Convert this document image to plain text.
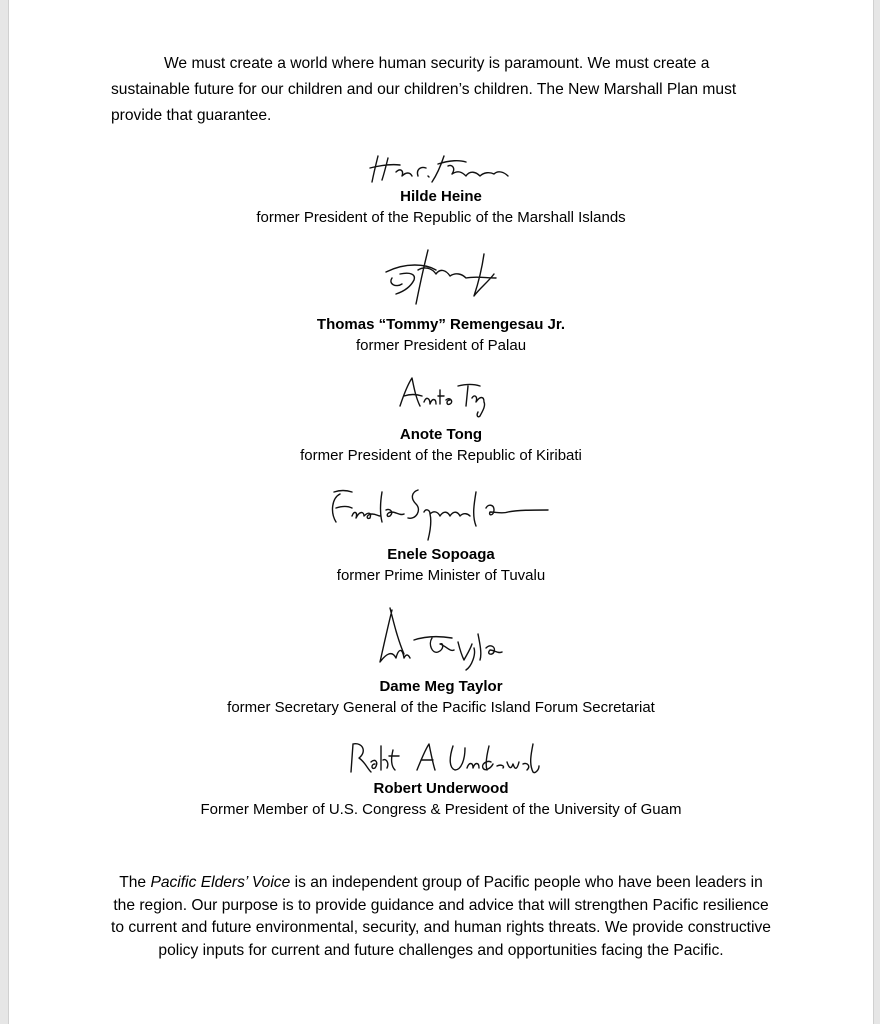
We must create a world where human security is paramount. We must create a sustainable future for our children and our children’s children. The New Marshall Plan must provide that guarantee.

Hilde Heine
former President of the Republic of the Marshall Islands
Thomas “Tommy” Remengesau Jr.
former President of Palau
Anote Tong
former President of the Republic of Kiribati
Enele Sopoaga
former Prime Minister of Tuvalu
Dame Meg Taylor
former Secretary General of the Pacific Island Forum Secretariat
Robert Underwood
Former Member of U.S. Congress & President of the University of Guam

The Pacific Elders’ Voice is an independent group of Pacific people who have been leaders in the region. Our purpose is to provide guidance and advice that will strengthen Pacific resilience to current and future environmental, security, and human rights threats. We provide constructive policy inputs for current and future challenges and opportunities facing the Pacific.
